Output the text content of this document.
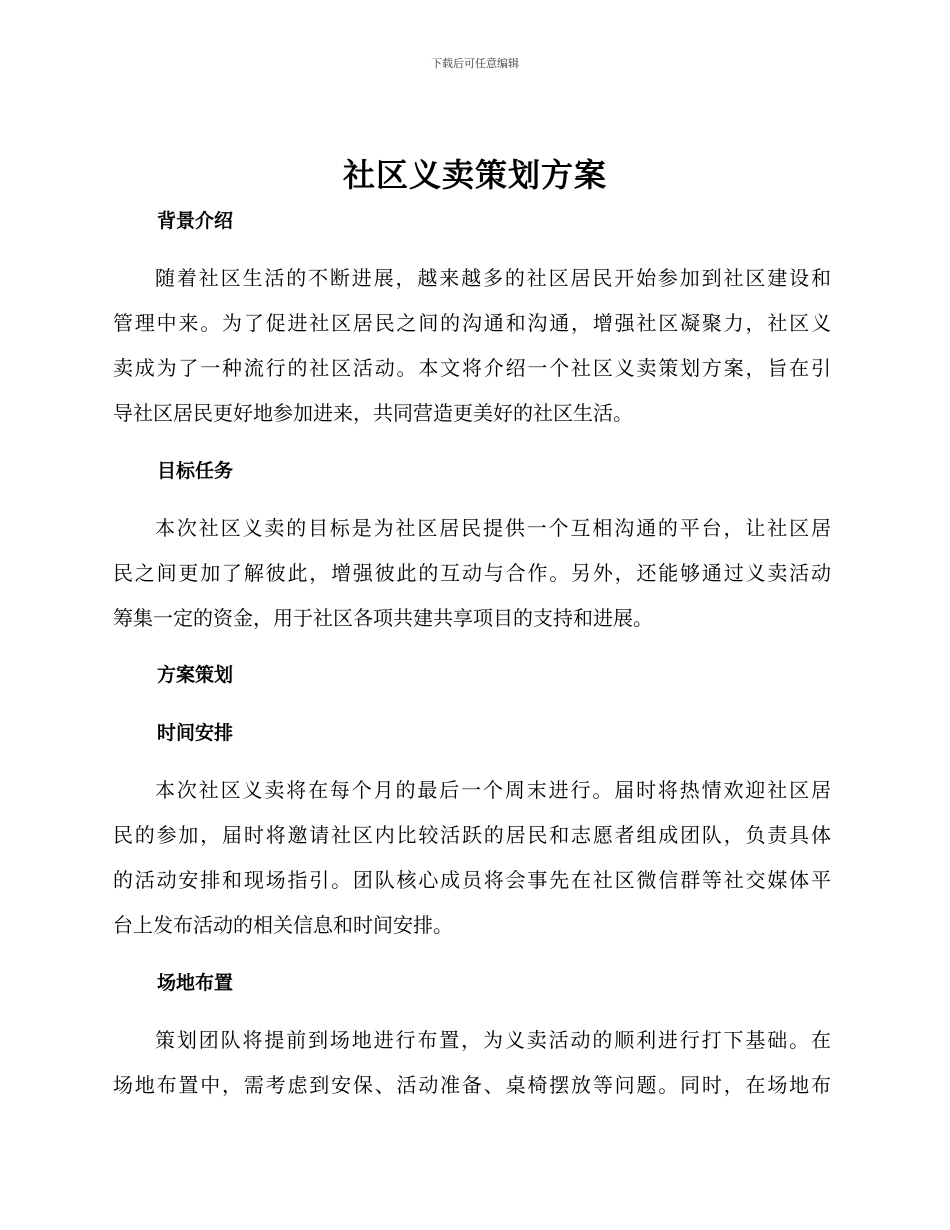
下载后可任意编辑
社区义卖策划方案
背景介绍
随着社区生活的不断进展，越来越多的社区居民开始参加到社区建设和
管理中来。为了促进社区居民之间的沟通和沟通，增强社区凝聚力，社区义
卖成为了一种流行的社区活动。本文将介绍一个社区义卖策划方案，旨在引
导社区居民更好地参加进来，共同营造更美好的社区生活。
目标任务
本次社区义卖的目标是为社区居民提供一个互相沟通的平台，让社区居
民之间更加了解彼此，增强彼此的互动与合作。另外，还能够通过义卖活动
筹集一定的资金，用于社区各项共建共享项目的支持和进展。
方案策划
时间安排
本次社区义卖将在每个月的最后一个周末进行。届时将热情欢迎社区居
民的参加，届时将邀请社区内比较活跃的居民和志愿者组成团队，负责具体
的活动安排和现场指引。团队核心成员将会事先在社区微信群等社交媒体平
台上发布活动的相关信息和时间安排。
场地布置
策划团队将提前到场地进行布置，为义卖活动的顺利进行打下基础。在
场地布置中，需考虑到安保、活动准备、桌椅摆放等问题。同时，在场地布
